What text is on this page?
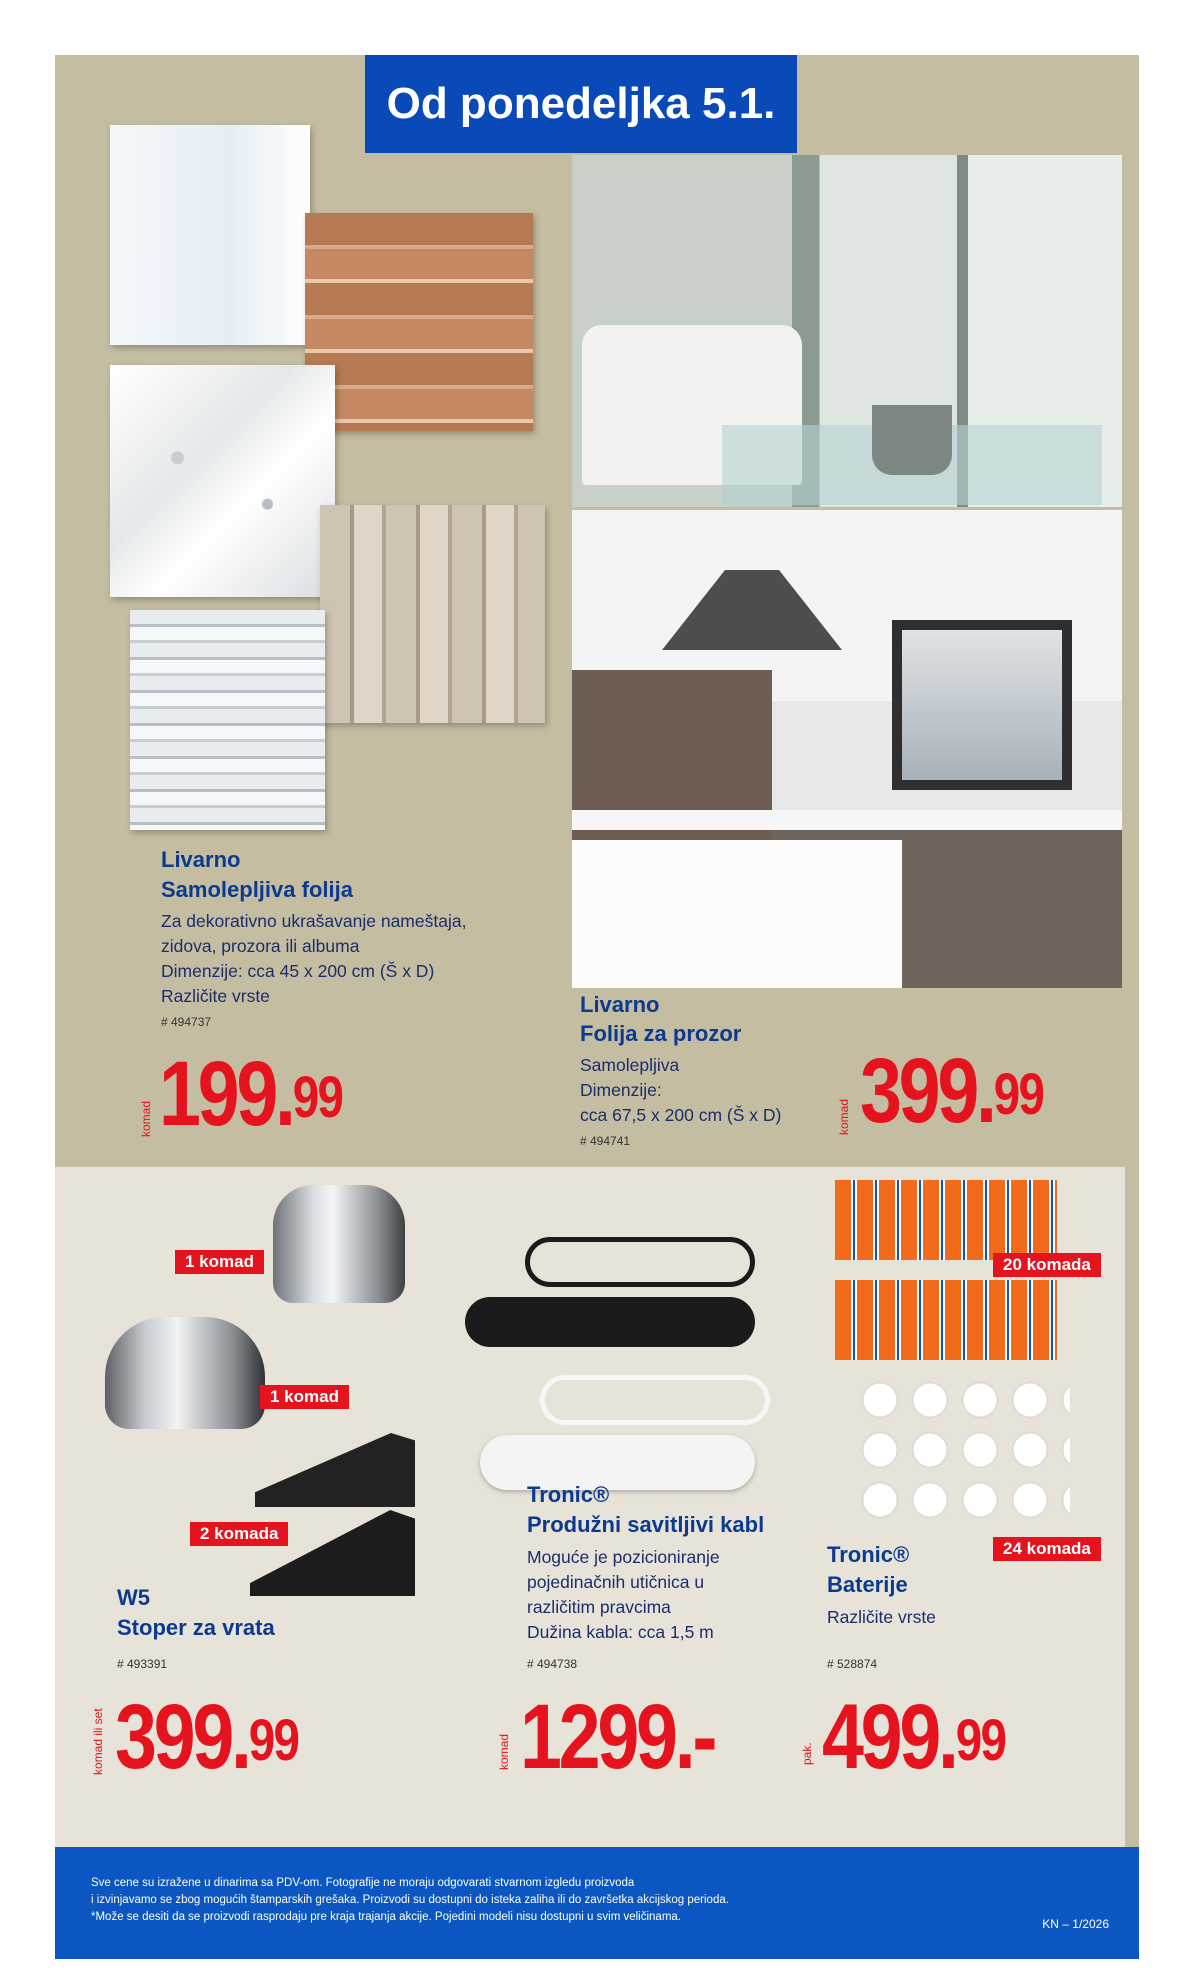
Od ponedeljka 5.1.
Livarno
Samolepljiva folija
Za dekorativno ukrašavanje nameštaja,
zidova, prozora ili albuma
Dimenzije: cca 45 x 200 cm (Š x D)
Različite vrste
# 494737
komad 199.99
Livarno
Folija za prozor
Samolepljiva
Dimenzije:
cca 67,5 x 200 cm (Š x D)
# 494741
komad 399.99
1 komad
1 komad
2 komada
W5
Stoper za vrata
# 493391
komad ili set 399.99
Tronic®
Produžni savitljivi kabl
Moguće je pozicioniranje
pojedinačnih utičnica u
različitim pravcima
Dužina kabla: cca 1,5 m
# 494738
komad 1299.-
20 komada
24 komada
Tronic®
Baterije
Različite vrste
# 528874
pak. 499.99
Sve cene su izražene u dinarima sa PDV-om. Fotografije ne moraju odgovarati stvarnom izgledu proizvoda
i izvinjavamo se zbog mogućih štamparskih grešaka. Proizvodi su dostupni do isteka zaliha ili do završetka akcijskog perioda.
*Može se desiti da se proizvodi rasprodaju pre kraja trajanja akcije. Pojedini modeli nisu dostupni u svim veličinama.	KN – 1/2026
